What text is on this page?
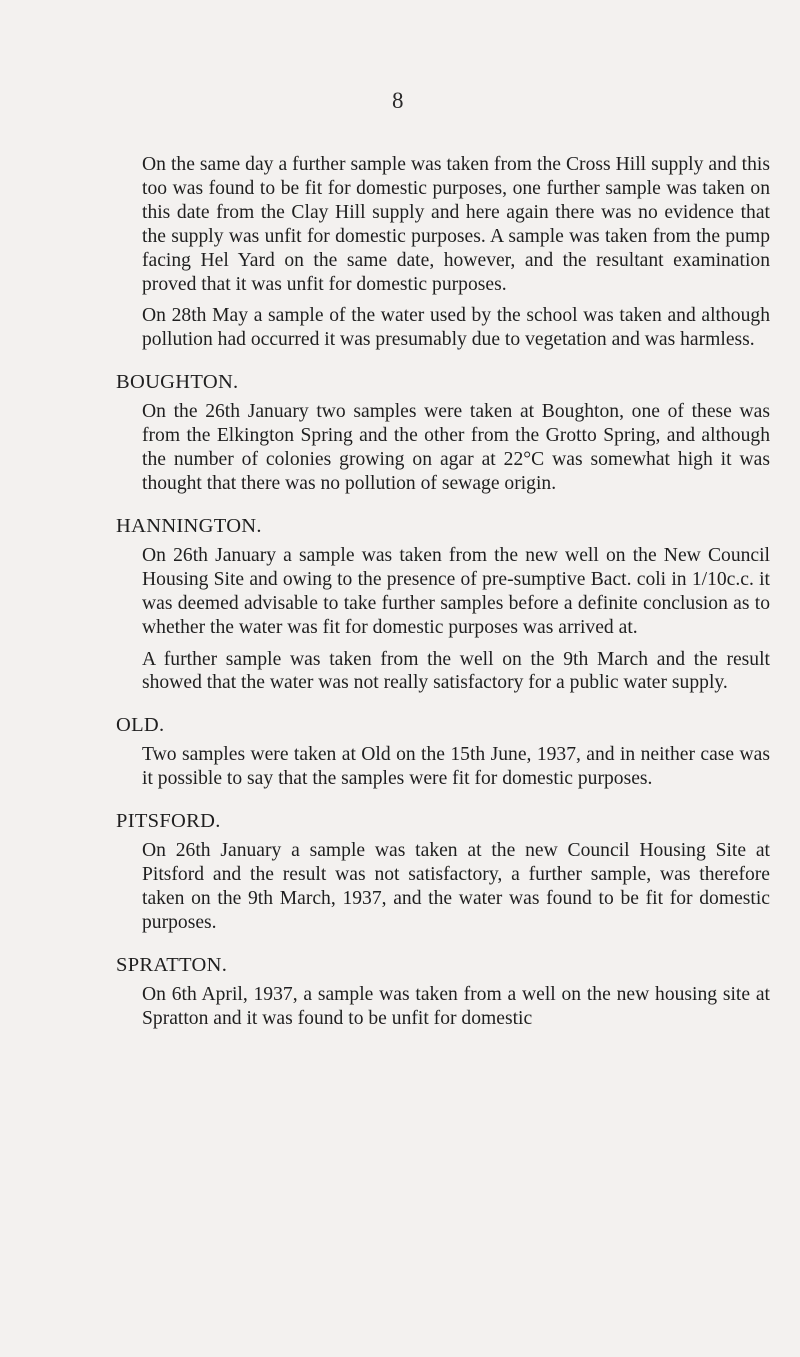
8

On the same day a further sample was taken from the Cross Hill supply and this too was found to be fit for domestic purposes, one further sample was taken on this date from the Clay Hill supply and here again there was no evidence that the supply was unfit for domestic purposes. A sample was taken from the pump facing Hel Yard on the same date, however, and the resultant examination proved that it was unfit for domestic purposes.

On 28th May a sample of the water used by the school was taken and although pollution had occurred it was presumably due to vegetation and was harmless.

BOUGHTON.

On the 26th January two samples were taken at Boughton, one of these was from the Elkington Spring and the other from the Grotto Spring, and although the number of colonies growing on agar at 22°C was somewhat high it was thought that there was no pollution of sewage origin.

HANNINGTON.

On 26th January a sample was taken from the new well on the New Council Housing Site and owing to the presence of pre-sumptive Bact. coli in 1/10c.c. it was deemed advisable to take further samples before a definite conclusion as to whether the water was fit for domestic purposes was arrived at.

A further sample was taken from the well on the 9th March and the result showed that the water was not really satisfactory for a public water supply.

OLD.

Two samples were taken at Old on the 15th June, 1937, and in neither case was it possible to say that the samples were fit for domestic purposes.

PITSFORD.

On 26th January a sample was taken at the new Council Housing Site at Pitsford and the result was not satisfactory, a further sample, was therefore taken on the 9th March, 1937, and the water was found to be fit for domestic purposes.

SPRATTON.

On 6th April, 1937, a sample was taken from a well on the new housing site at Spratton and it was found to be unfit for domestic
